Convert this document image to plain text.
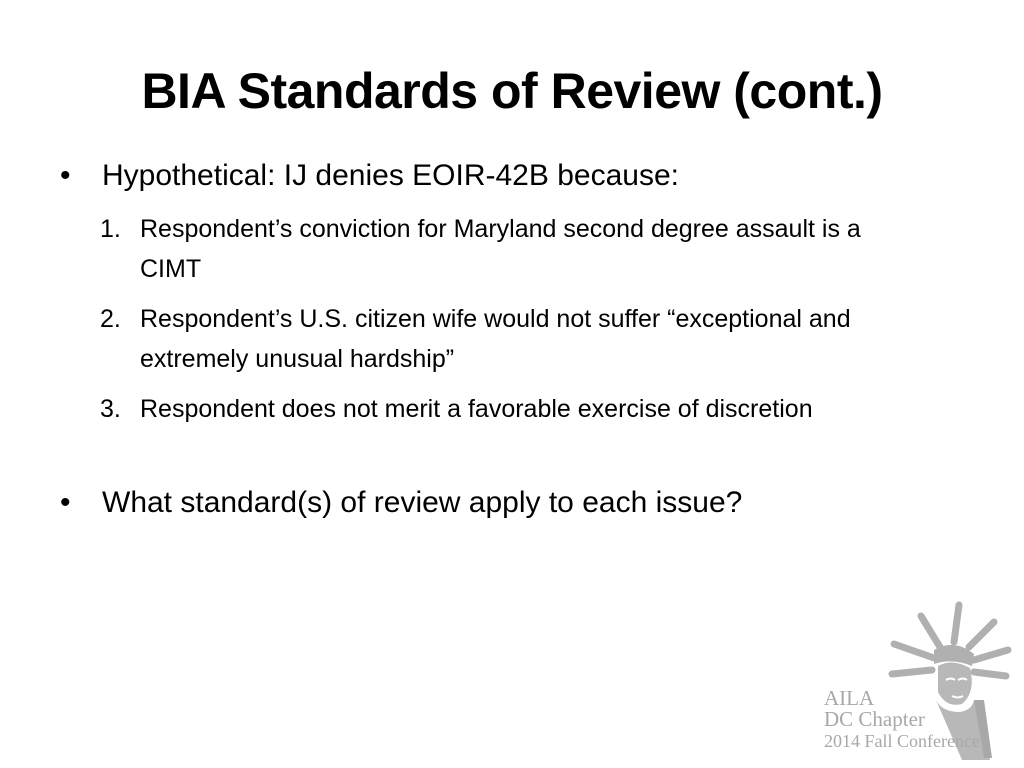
BIA Standards of Review (cont.)
•	Hypothetical: IJ denies EOIR-42B because:
1. Respondent’s conviction for Maryland second degree assault is a CIMT
2. Respondent’s U.S. citizen wife would not suffer “exceptional and extremely unusual hardship”
3. Respondent does not merit a favorable exercise of discretion
•	What standard(s) of review apply to each issue?
AILA
DC Chapter
2014 Fall Conference
